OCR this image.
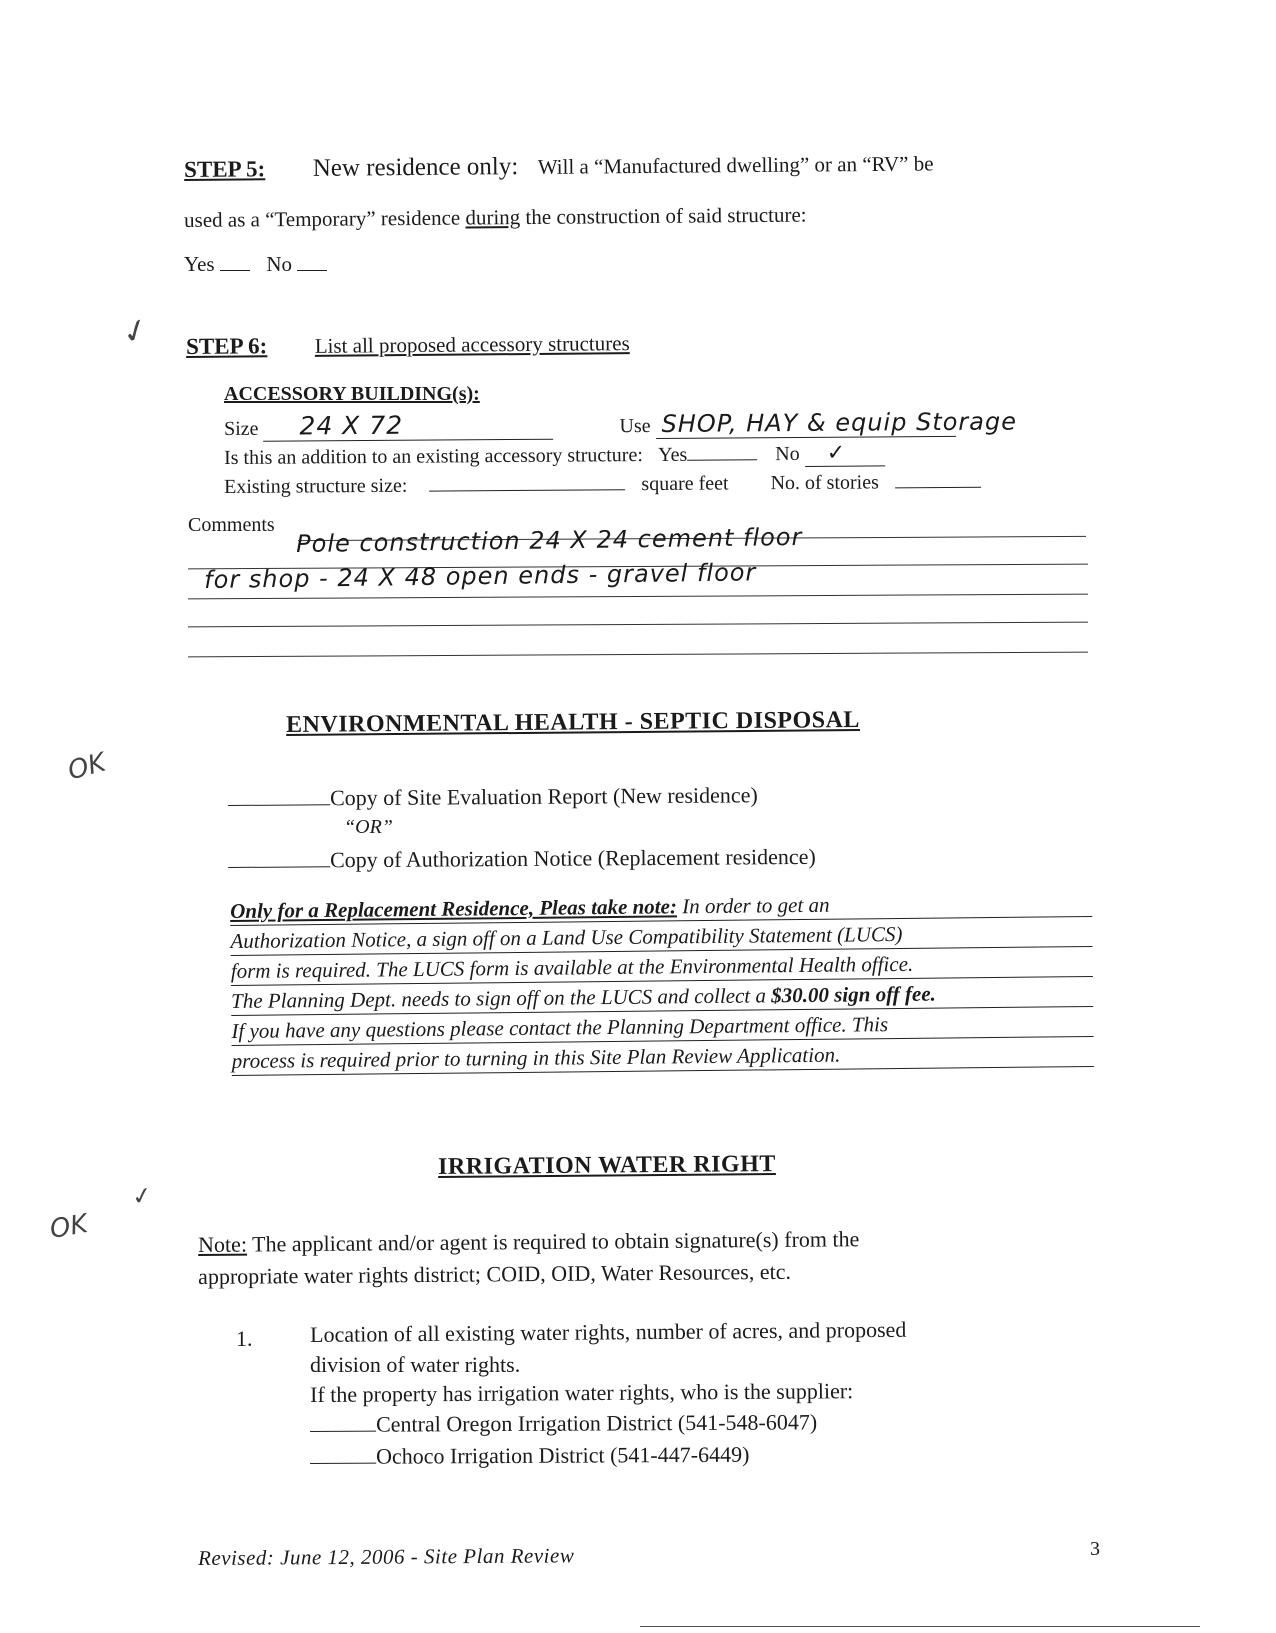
STEP 5: New residence only: Will a “Manufactured dwelling” or an “RV” be
used as a “Temporary” residence during the construction of said structure:
Yes No
✓ STEP 6: List all proposed accessory structures
ACCESSORY BUILDING(s):
Size 24 X 72	Use SHOP, HAY & equip Storage

Is this an addition to an existing accessory structure: Yes	No ✓

Existing structure size:	square feet No. of stories
Comments Pole construction 24 X 24 cement floor
for shop - 24 X 48 open ends - gravel floor
ENVIRONMENTAL HEALTH - SEPTIC DISPOSAL
OK
Copy of Site Evaluation Report (New residence)
“OR”
Copy of Authorization Notice (Replacement residence)
Only for a Replacement Residence, Pleas take note: In order to get an
Authorization Notice, a sign off on a Land Use Compatibility Statement (LUCS)
form is required. The LUCS form is available at the Environmental Health office.
The Planning Dept. needs to sign off on the LUCS and collect a $30.00 sign off fee.
If you have any questions please contact the Planning Department office. This
process is required prior to turning in this Site Plan Review Application.
IRRIGATION WATER RIGHT
✓
OK	Note: The applicant and/or agent is required to obtain signature(s) from the
appropriate water rights district; COID, OID, Water Resources, etc.
1.	Location of all existing water rights, number of acres, and proposed
division of water rights.
If the property has irrigation water rights, who is the supplier:
Central Oregon Irrigation District (541-548-6047)
Ochoco Irrigation District (541-447-6449)
Revised: June 12, 2006 - Site Plan Review	3
